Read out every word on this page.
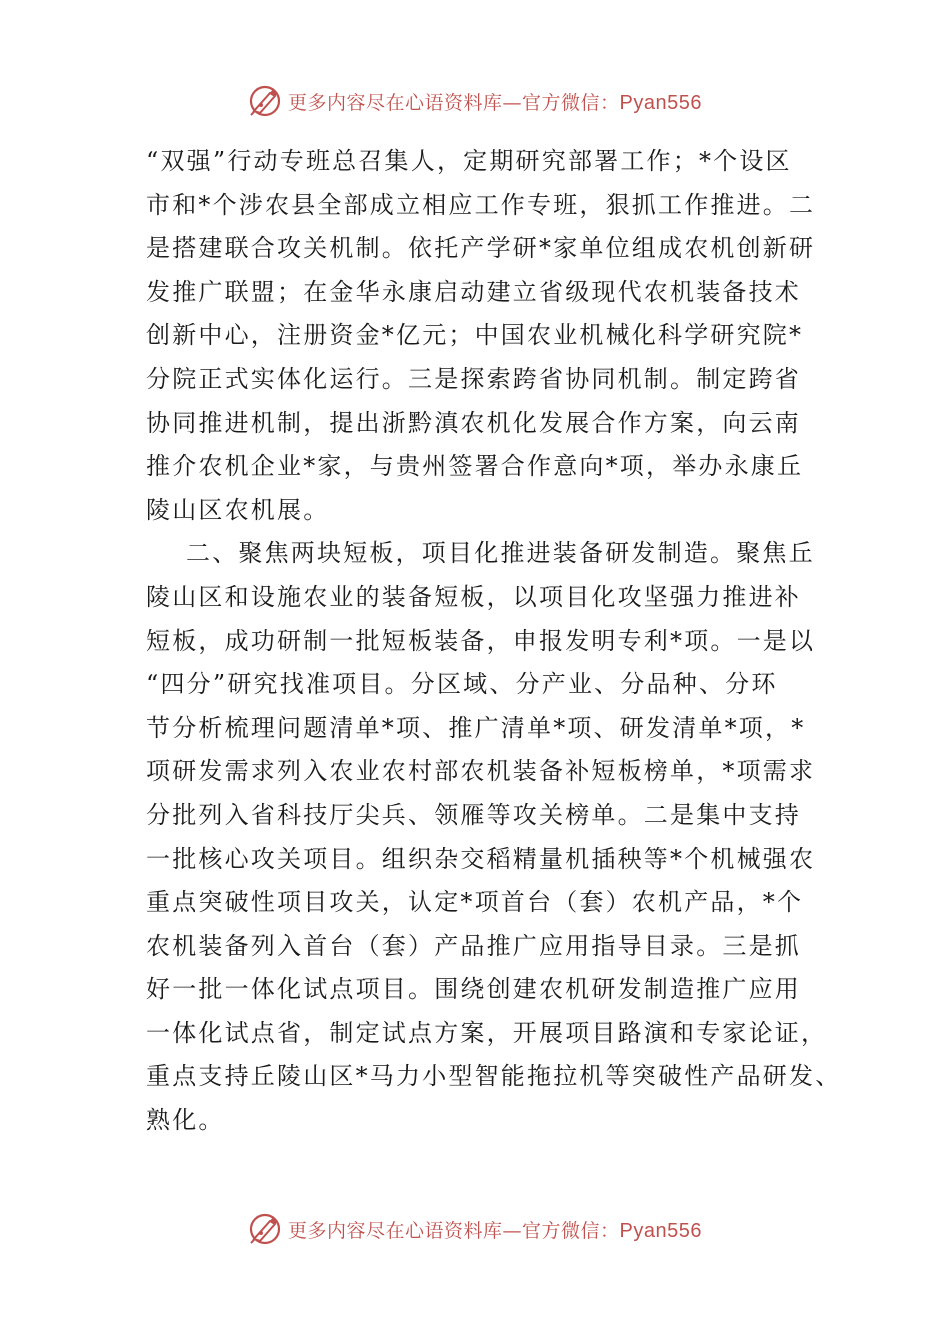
更多内容尽在心语资料库—官方微信：Pyan556
“双强”行动专班总召集人，定期研究部署工作；*个设区
市和*个涉农县全部成立相应工作专班，狠抓工作推进。二
是搭建联合攻关机制。依托产学研*家单位组成农机创新研
发推广联盟；在金华永康启动建立省级现代农机装备技术
创新中心，注册资金*亿元；中国农业机械化科学研究院*
分院正式实体化运行。三是探索跨省协同机制。制定跨省
协同推进机制，提出浙黔滇农机化发展合作方案，向云南
推介农机企业*家，与贵州签署合作意向*项，举办永康丘
陵山区农机展。
二、聚焦两块短板，项目化推进装备研发制造。聚焦丘
陵山区和设施农业的装备短板，以项目化攻坚强力推进补
短板，成功研制一批短板装备，申报发明专利*项。一是以
“四分”研究找准项目。分区域、分产业、分品种、分环
节分析梳理问题清单*项、推广清单*项、研发清单*项，*
项研发需求列入农业农村部农机装备补短板榜单，*项需求
分批列入省科技厅尖兵、领雁等攻关榜单。二是集中支持
一批核心攻关项目。组织杂交稻精量机插秧等*个机械强农
重点突破性项目攻关，认定*项首台（套）农机产品，*个
农机装备列入首台（套）产品推广应用指导目录。三是抓
好一批一体化试点项目。围绕创建农机研发制造推广应用
一体化试点省，制定试点方案，开展项目路演和专家论证，
重点支持丘陵山区*马力小型智能拖拉机等突破性产品研发、
熟化。
更多内容尽在心语资料库—官方微信：Pyan556
